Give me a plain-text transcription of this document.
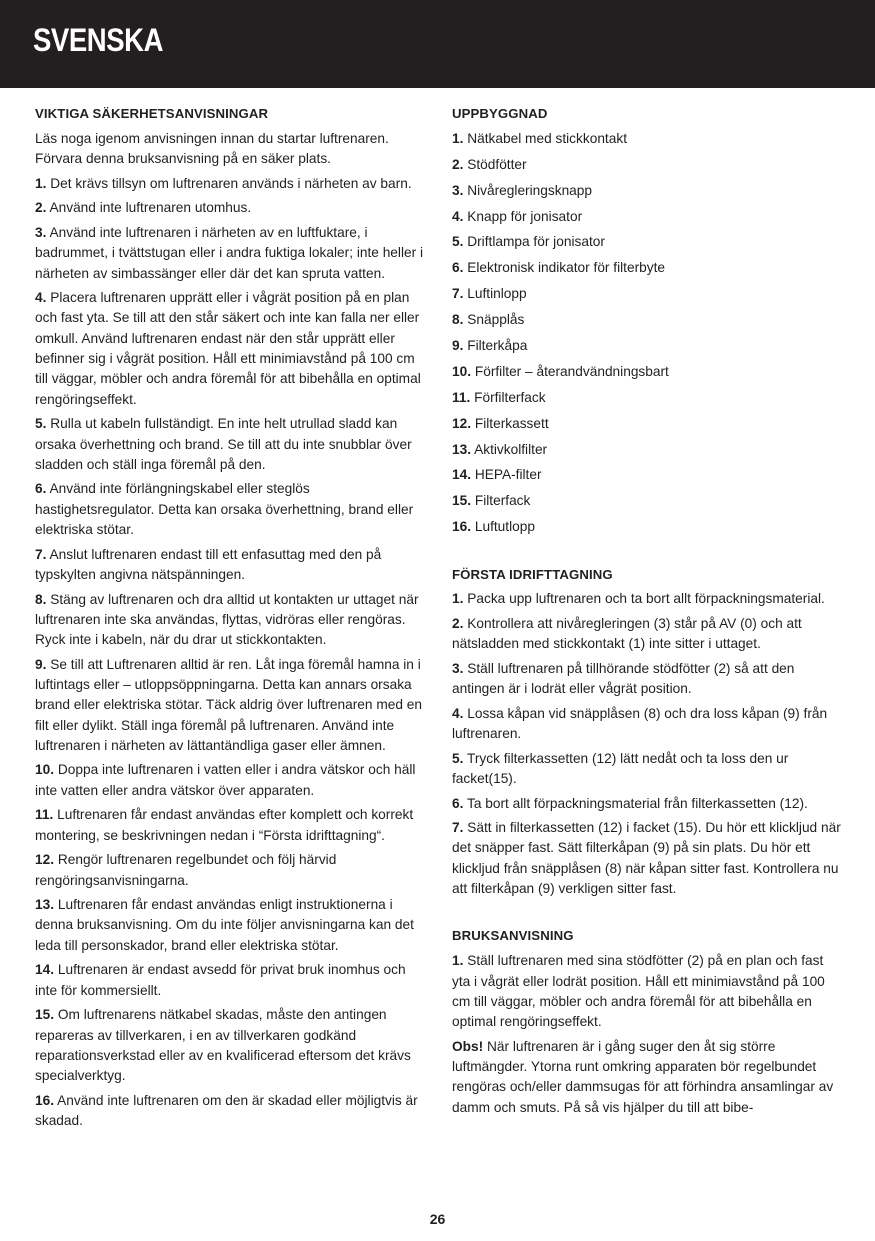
SVENSKA
VIKTIGA SÄKERHETSANVISNINGAR

Läs noga igenom anvisningen innan du startar luftrenaren. Förvara denna bruksanvisning på en säker plats.

1. Det krävs tillsyn om luftrenaren används i närheten av barn.

2. Använd inte luftrenaren utomhus.

3. Använd inte luftrenaren i närheten av en luftfuktare, i badrummet, i tvättstugan eller i andra fuktiga lokaler; inte heller i närheten av simbassänger eller där det kan spruta vatten.

4. Placera luftrenaren upprätt eller i vågrät position på en plan och fast yta. Se till att den står säkert och inte kan falla ner eller omkull. Använd luftrenaren endast när den står upprätt eller befinner sig i vågrät position. Håll ett minimiavstånd på 100 cm till väggar, möbler och andra föremål för att bibehålla en optimal rengöringseffekt.

5. Rulla ut kabeln fullständigt. En inte helt utrullad sladd kan orsaka överhettning och brand. Se till att du inte snubblar över sladden och ställ inga föremål på den.

6. Använd inte förlängningskabel eller steglös hastighetsregulator. Detta kan orsaka överhettning, brand eller elektriska stötar.

7. Anslut luftrenaren endast till ett enfasuttag med den på typskylten angivna nätspänningen.

8. Stäng av luftrenaren och dra alltid ut kontakten ur uttaget när luftrenaren inte ska användas, flyttas, vidröras eller rengöras. Ryck inte i kabeln, när du drar ut stickkontakten.

9. Se till att Luftrenaren alltid är ren. Låt inga föremål hamna in i luftintags eller – utloppsöppningarna. Detta kan annars orsaka brand eller elektriska stötar. Täck aldrig över luftrenaren med en filt eller dylikt. Ställ inga föremål på luftrenaren. Använd inte luftrenaren i närheten av lättantändliga gaser eller ämnen.

10. Doppa inte luftrenaren i vatten eller i andra vätskor och häll inte vatten eller andra vätskor över apparaten.

11. Luftrenaren får endast användas efter komplett och korrekt montering, se beskrivningen nedan i “Första idrifttagning“.

12. Rengör luftrenaren regelbundet och följ härvid rengöringsanvisningarna.

13. Luftrenaren får endast användas enligt instruktionerna i denna bruksanvisning. Om du inte följer anvisningarna kan det leda till personskador, brand eller elektriska stötar.

14. Luftrenaren är endast avsedd för privat bruk inomhus och inte för kommersiellt.

15. Om luftrenarens nätkabel skadas, måste den antingen repareras av tillverkaren, i en av tillverkaren godkänd reparationsverkstad eller av en kvalificerad eftersom det krävs specialverktyg.

16. Använd inte luftrenaren om den är skadad eller möjligtvis är skadad.

UPPBYGGNAD

1. Nätkabel med stickkontakt

2. Stödfötter

3. Nivåregleringsknapp

4. Knapp för jonisator

5. Driftlampa för jonisator

6. Elektronisk indikator för filterbyte

7. Luftinlopp

8. Snäpplås

9. Filterkåpa

10. Förfilter – återandvändningsbart

11. Förfilterfack

12. Filterkassett

13. Aktivkolfilter

14. HEPA-filter

15. Filterfack

16. Luftutlopp

FÖRSTA IDRIFTTAGNING

1. Packa upp luftrenaren och ta bort allt förpackningsmaterial.

2. Kontrollera att nivåregleringen (3) står på AV (0) och att nätsladden med stickkontakt (1) inte sitter i uttaget.

3. Ställ luftrenaren på tillhörande stödfötter (2) så att den antingen är i lodrät eller vågrät position.

4. Lossa kåpan vid snäpplåsen (8) och dra loss kåpan (9) från luftrenaren.

5. Tryck filterkassetten (12) lätt nedåt och ta loss den ur facket(15).

6. Ta bort allt förpackningsmaterial från filterkassetten (12).

7. Sätt in filterkassetten (12) i facket (15). Du hör ett klickljud när det snäpper fast. Sätt filterkåpan (9) på sin plats. Du hör ett klickljud från snäpplåsen (8) när kåpan sitter fast. Kontrollera nu att filterkåpan (9) verkligen sitter fast.

BRUKSANVISNING

1. Ställ luftrenaren med sina stödfötter (2) på en plan och fast yta i vågrät eller lodrät position. Håll ett minimiavstånd på 100 cm till väggar, möbler och andra föremål för att bibehålla en optimal rengöringseffekt.

Obs! När luftrenaren är i gång suger den åt sig större luftmängder. Ytorna runt omkring apparaten bör regelbundet rengöras och/eller dammsugas för att förhindra ansamlingar av damm och smuts. På så vis hjälper du till att bibe-

26
